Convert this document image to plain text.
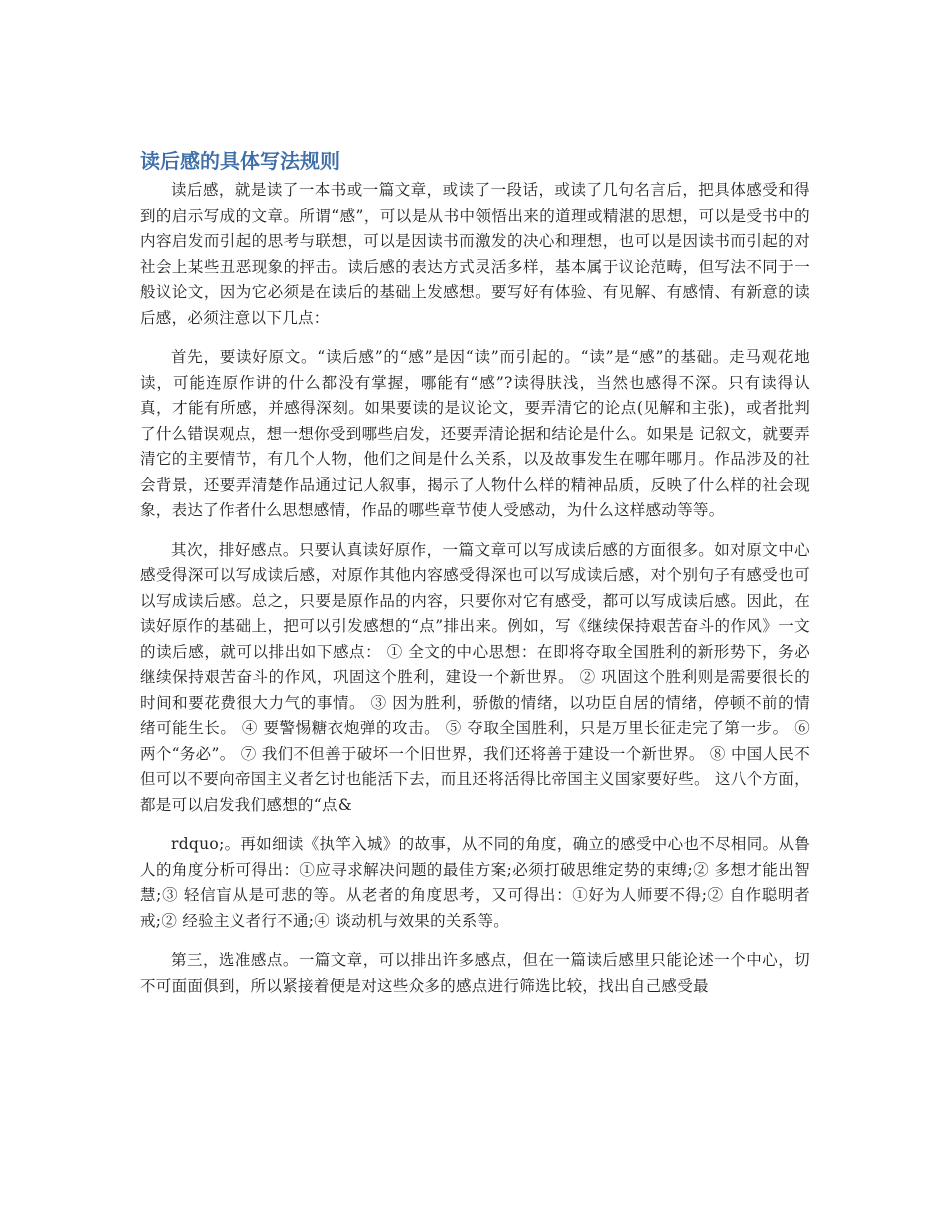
读后感的具体写法规则

读后感，就是读了一本书或一篇文章，或读了一段话，或读了几句名言后，把具体感受和得到的启示写成的文章。所谓“感”，可以是从书中领悟出来的道理或精湛的思想，可以是受书中的内容启发而引起的思考与联想，可以是因读书而激发的决心和理想，也可以是因读书而引起的对社会上某些丑恶现象的抨击。读后感的表达方式灵活多样，基本属于议论范畴，但写法不同于一般议论文，因为它必须是在读后的基础上发感想。要写好有体验、有见解、有感情、有新意的读后感，必须注意以下几点：

首先，要读好原文。“读后感”的“感”是因“读”而引起的。“读”是“感”的基础。走马观花地读，可能连原作讲的什么都没有掌握，哪能有“感”?读得肤浅，当然也感得不深。只有读得认真，才能有所感，并感得深刻。如果要读的是议论文，要弄清它的论点(见解和主张)，或者批判了什么错误观点，想一想你受到哪些启发，还要弄清论据和结论是什么。如果是 记叙文，就要弄清它的主要情节，有几个人物，他们之间是什么关系，以及故事发生在哪年哪月。作品涉及的社会背景，还要弄清楚作品通过记人叙事，揭示了人物什么样的精神品质，反映了什么样的社会现象，表达了作者什么思想感情，作品的哪些章节使人受感动，为什么这样感动等等。

其次，排好感点。只要认真读好原作，一篇文章可以写成读后感的方面很多。如对原文中心感受得深可以写成读后感，对原作其他内容感受得深也可以写成读后感，对个别句子有感受也可以写成读后感。总之，只要是原作品的内容，只要你对它有感受，都可以写成读后感。因此，在读好原作的基础上，把可以引发感想的“点”排出来。例如，写《继续保持艰苦奋斗的作风》一文的读后感，就可以排出如下感点： ① 全文的中心思想：在即将夺取全国胜利的新形势下，务必继续保持艰苦奋斗的作风，巩固这个胜利，建设一个新世界。 ② 巩固这个胜利则是需要很长的时间和要花费很大力气的事情。 ③ 因为胜利，骄傲的情绪，以功臣自居的情绪，停顿不前的情绪可能生长。 ④ 要警惕糖衣炮弹的攻击。 ⑤ 夺取全国胜利，只是万里长征走完了第一步。 ⑥ 两个“务必”。 ⑦ 我们不但善于破坏一个旧世界，我们还将善于建设一个新世界。 ⑧ 中国人民不但可以不要向帝国主义者乞讨也能活下去，而且还将活得比帝国主义国家要好些。 这八个方面，都是可以启发我们感想的“点&

rdquo;。再如细读《执竿入城》的故事，从不同的角度，确立的感受中心也不尽相同。从鲁人的角度分析可得出：①应寻求解决问题的最佳方案;必须打破思维定势的束缚;② 多想才能出智慧;③ 轻信盲从是可悲的等。从老者的角度思考，又可得出：①好为人师要不得;② 自作聪明者戒;② 经验主义者行不通;④ 谈动机与效果的关系等。

第三，选准感点。一篇文章，可以排出许多感点，但在一篇读后感里只能论述一个中心，切不可面面俱到，所以紧接着便是对这些众多的感点进行筛选比较，找出自己感受最
